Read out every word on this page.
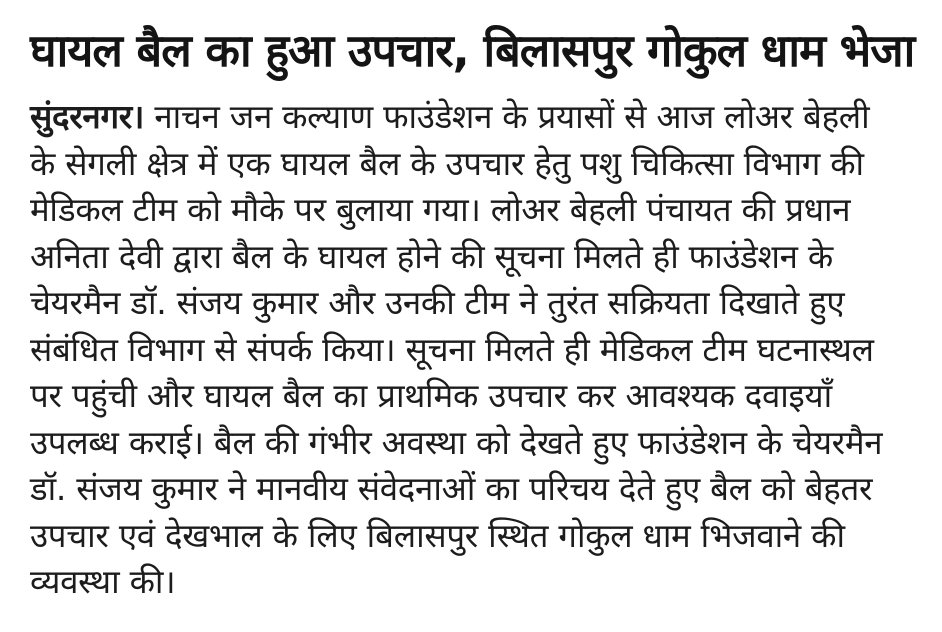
घायल बैल का हुआ उपचार, बिलासपुर गोकुल धाम भेजा
सुंदरनगर। नाचन जन कल्याण फाउंडेशन के प्रयासों से आज लोअर बेहली
के सेगली क्षेत्र में एक घायल बैल के उपचार हेतु पशु चिकित्सा विभाग की
मेडिकल टीम को मौके पर बुलाया गया। लोअर बेहली पंचायत की प्रधान
अनिता देवी द्वारा बैल के घायल होने की सूचना मिलते ही फाउंडेशन के
चेयरमैन डॉ. संजय कुमार और उनकी टीम ने तुरंत सक्रियता दिखाते हुए
संबंधित विभाग से संपर्क किया। सूचना मिलते ही मेडिकल टीम घटनास्थल
पर पहुंची और घायल बैल का प्राथमिक उपचार कर आवश्यक दवाइयाँ
उपलब्ध कराई। बैल की गंभीर अवस्था को देखते हुए फाउंडेशन के चेयरमैन
डॉ. संजय कुमार ने मानवीय संवेदनाओं का परिचय देते हुए बैल को बेहतर
उपचार एवं देखभाल के लिए बिलासपुर स्थित गोकुल धाम भिजवाने की
व्यवस्था की।
